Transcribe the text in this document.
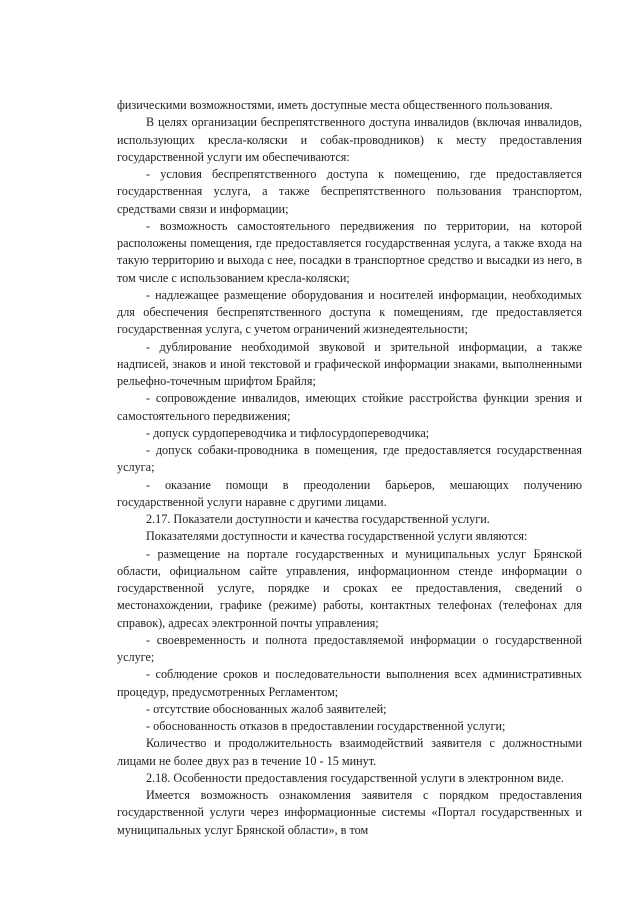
физическими возможностями, иметь доступные места общественного пользования.

В целях организации беспрепятственного доступа инвалидов (включая инвалидов, использующих кресла-коляски и собак-проводников) к месту предоставления государственной услуги им обеспечиваются:

- условия беспрепятственного доступа к помещению, где предоставляется государственная услуга, а также беспрепятственного пользования транспортом, средствами связи и информации;

- возможность самостоятельного передвижения по территории, на которой расположены помещения, где предоставляется государственная услуга, а также входа на такую территорию и выхода с нее, посадки в транспортное средство и высадки из него, в том числе с использованием кресла-коляски;

- надлежащее размещение оборудования и носителей информации, необходимых для обеспечения беспрепятственного доступа к помещениям, где предоставляется государственная услуга, с учетом ограничений жизнедеятельности;

- дублирование необходимой звуковой и зрительной информации, а также надписей, знаков и иной текстовой и графической информации знаками, выполненными рельефно-точечным шрифтом Брайля;

- сопровождение инвалидов, имеющих стойкие расстройства функции зрения и самостоятельного передвижения;

- допуск сурдопереводчика и тифлосурдопереводчика;

- допуск собаки-проводника в помещения, где предоставляется государственная услуга;

- оказание помощи в преодолении барьеров, мешающих получению государственной услуги наравне с другими лицами.

2.17. Показатели доступности и качества государственной услуги.

Показателями доступности и качества государственной услуги являются:

- размещение на портале государственных и муниципальных услуг Брянской области, официальном сайте управления, информационном стенде информации о государственной услуге, порядке и сроках ее предоставления, сведений о местонахождении, графике (режиме) работы, контактных телефонах (телефонах для справок), адресах электронной почты управления;

- своевременность и полнота предоставляемой информации о государственной услуге;

- соблюдение сроков и последовательности выполнения всех административных процедур, предусмотренных Регламентом;

- отсутствие обоснованных жалоб заявителей;

- обоснованность отказов в предоставлении государственной услуги;

Количество и продолжительность взаимодействий заявителя с должностными лицами не более двух раз в течение 10 - 15 минут.

2.18. Особенности предоставления государственной услуги в электронном виде.

Имеется возможность ознакомления заявителя с порядком предоставления государственной услуги через информационные системы «Портал государственных и муниципальных услуг Брянской области», в том
